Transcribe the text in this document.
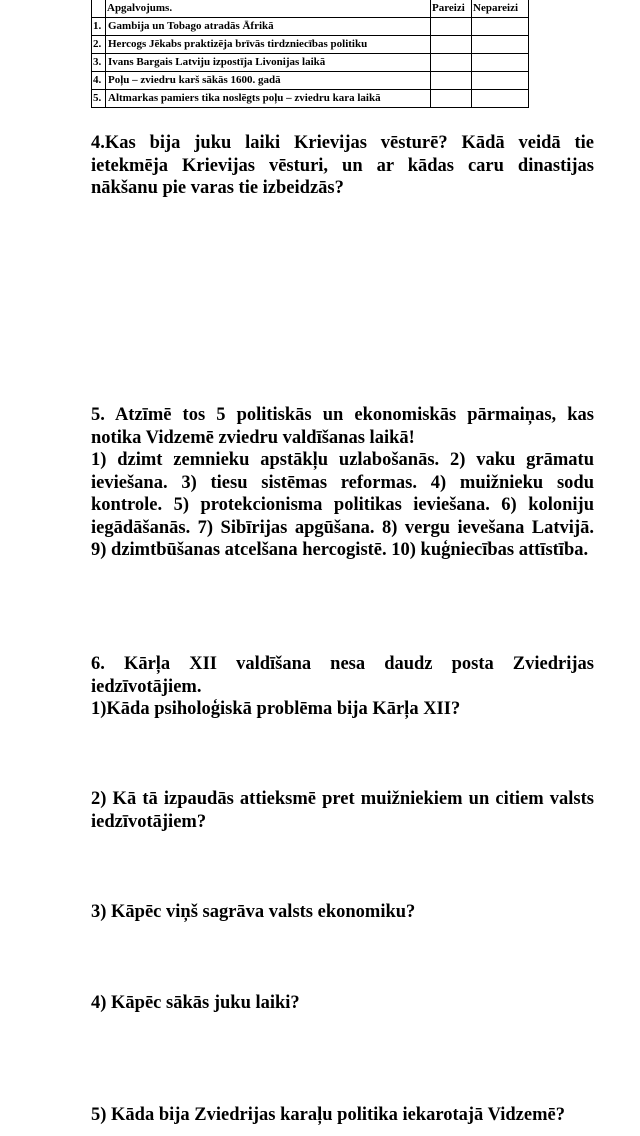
	Apgalvojums.	Pareizi	Nepareizi
1.	Gambija un Tobago atradās Āfrikā		
2.	Hercogs Jēkabs praktizēja brīvās tirdzniecības politiku		
3.	Ivans Bargais Latviju izpostīja Livonijas laikā		
4.	Poļu – zviedru karš sākās 1600. gadā		
5.	Altmarkas pamiers tika noslēgts poļu – zviedru kara laikā		

4.Kas bija juku laiki Krievijas vēsturē? Kādā veidā tie ietekmēja Krievijas vēsturi, un ar kādas caru dinastijas nākšanu pie varas tie izbeidzās?

5. Atzīmē tos 5 politiskās un ekonomiskās pārmaiņas, kas notika Vidzemē zviedru valdīšanas laikā!

1) dzimt zemnieku apstākļu uzlabošanās. 2) vaku grāmatu ieviešana. 3) tiesu sistēmas reformas. 4) muižnieku sodu kontrole. 5) protekcionisma politikas ieviešana. 6) koloniju iegādāšanās. 7) Sibīrijas apgūšana. 8) vergu ievešana Latvijā. 9) dzimtbūšanas atcelšana hercogistē. 10) kuģniecības attīstība.

6. Kārļa XII valdīšana nesa daudz posta Zviedrijas iedzīvotājiem.

1)Kāda psiholoģiskā problēma bija Kārļa XII?

2) Kā tā izpaudās attieksmē pret muižniekiem un citiem valsts iedzīvotājiem?

3) Kāpēc viņš sagrāva valsts ekonomiku?

4) Kāpēc sākās juku laiki?

5) Kāda bija Zviedrijas karaļu politika iekarotajā Vidzemē?
